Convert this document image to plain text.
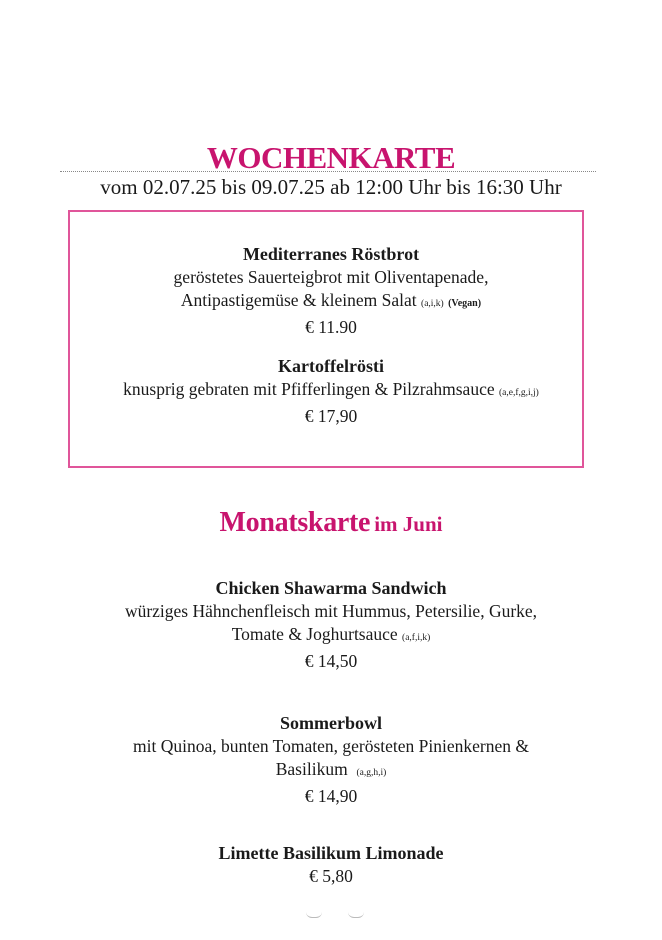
WOCHENKARTE
vom 02.07.25 bis 09.07.25 ab 12:00 Uhr bis 16:30 Uhr
Mediterranes Röstbrot
geröstetes Sauerteigbrot mit Oliventapenade,
Antipastigemüse & kleinem Salat (a,i,k) (Vegan)
€ 11.90
Kartoffelrösti
knusprig gebraten mit Pfifferlingen & Pilzrahmsauce (a,e,f,g,i,j)
€ 17,90
Monatskarte im Juni
Chicken Shawarma Sandwich
würziges Hähnchenfleisch mit Hummus, Petersilie, Gurke,
Tomate & Joghurtsauce (a,f,i,k)
€ 14,50
Sommerbowl
mit Quinoa, bunten Tomaten, gerösteten Pinienkernen &
Basilikum (a,g,h,i)
€ 14,90
Limette Basilikum Limonade
€ 5,80
